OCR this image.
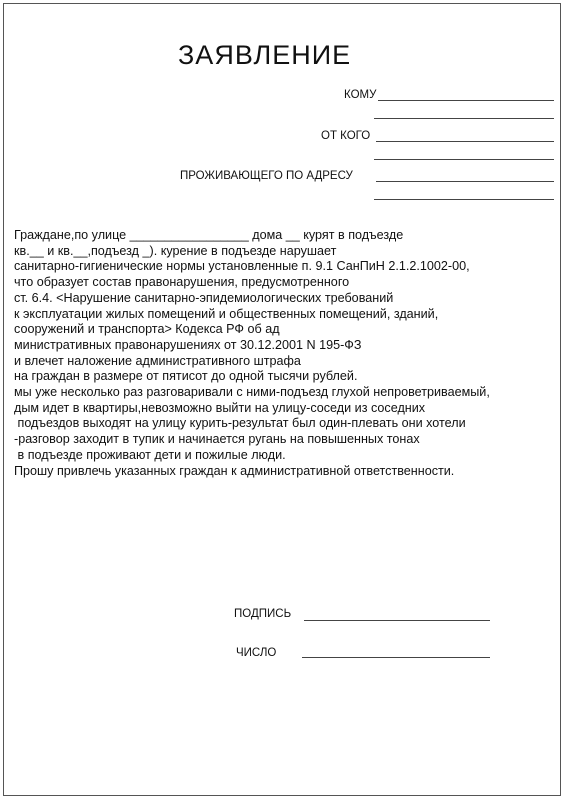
ЗАЯВЛЕНИЕ
КОМУ
ОТ КОГО
ПРОЖИВАЮЩЕГО ПО АДРЕСУ
Граждане,по улице _________________ дома __ курят в подъезде
кв.__ и кв.__,подъезд _). курение в подъезде нарушает
санитарно-гигиенические нормы установленные п. 9.1 СанПиН 2.1.2.1002-00,
что образует состав правонарушения, предусмотренного
ст. 6.4. <Нарушение санитарно-эпидемиологических требований
к эксплуатации жилых помещений и общественных помещений, зданий,
сооружений и транспорта> Кодекса РФ об ад
министративных правонарушениях от 30.12.2001 N 195-ФЗ
и влечет наложение административного штрафа
на граждан в размере от пятисот до одной тысячи рублей.
мы уже несколько раз разговаривали с ними-подъезд глухой непроветриваемый,
дым идет в квартиры,невозможно выйти на улицу-соседи из соседних
подъездов выходят на улицу курить-результат был один-плевать они хотели
-разговор заходит в тупик и начинается ругань на повышенных тонах
в подъезде проживают дети и пожилые люди.
Прошу привлечь указанных граждан к административной ответственности.
ПОДПИСЬ
ЧИСЛО
